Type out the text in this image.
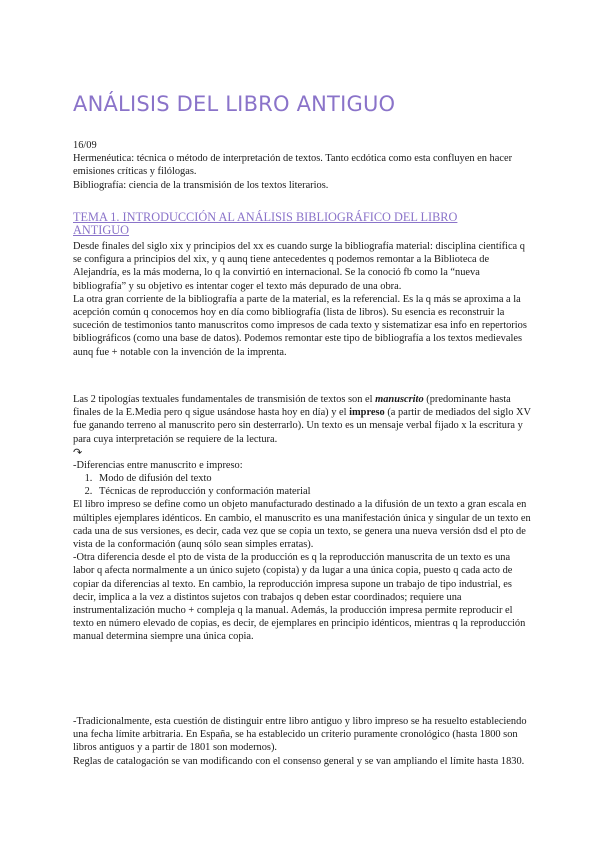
ANÁLISIS DEL LIBRO ANTIGUO

16/09

Hermenéutica: técnica o método de interpretación de textos. Tanto ecdótica como esta confluyen en hacer emisiones críticas y filólogas.

Bibliografía: ciencia de la transmisión de los textos literarios.

TEMA 1. INTRODUCCIÓN AL ANÁLISIS BIBLIOGRÁFICO DEL LIBRO ANTIGUO

Desde finales del siglo xix y principios del xx es cuando surge la bibliografía material: disciplina científica q se configura a principios del xix, y q aunq tiene antecedentes q podemos remontar a la Biblioteca de Alejandría, es la más moderna, lo q la convirtió en internacional. Se la conoció fb como la “nueva bibliografía” y su objetivo es intentar coger el texto más depurado de una obra.

La otra gran corriente de la bibliografía a parte de la material, es la referencial. Es la q más se aproxima a la acepción común q conocemos hoy en día como bibliografía (lista de libros). Su esencia es reconstruir la suceción de testimonios tanto manuscritos como impresos de cada texto y sistematizar esa info en repertorios bibliográficos (como una base de datos). Podemos remontar este tipo de bibliografía a los textos medievales aunq fue + notable con la invención de la imprenta.

Las 2 tipologías textuales fundamentales de transmisión de textos son el manuscrito (predominante hasta finales de la E.Media pero q sigue usándose hasta hoy en día) y el impreso (a partir de mediados del siglo XV fue ganando terreno al manuscrito pero sin desterrarlo). Un texto es un mensaje verbal fijado x la escritura y para cuya interpretación se requiere de la lectura.

↷

-Diferencias entre manuscrito e impreso:

1. Modo de difusión del texto
2. Técnicas de reproducción y conformación material

El libro impreso se define como un objeto manufacturado destinado a la difusión de un texto a gran escala en múltiples ejemplares idénticos. En cambio, el manuscrito es una manifestación única y singular de un texto en cada una de sus versiones, es decir, cada vez que se copia un texto, se genera una nueva versión dsd el pto de vista de la conformación (aunq sólo sean simples erratas).

-Otra diferencia desde el pto de vista de la producción es q la reproducción manuscrita de un texto es una labor q afecta normalmente a un único sujeto (copista) y da lugar a una única copia, puesto q cada acto de copiar da diferencias al texto. En cambio, la reproducción impresa supone un trabajo de tipo industrial, es decir, implica a la vez a distintos sujetos con trabajos q deben estar coordinados; requiere una instrumentalización mucho + compleja q la manual. Además, la producción impresa permite reproducir el texto en número elevado de copias, es decir, de ejemplares en principio idénticos, mientras q la reproducción manual determina siempre una única copia.

-Tradicionalmente, esta cuestión de distinguir entre libro antiguo y libro impreso se ha resuelto estableciendo una fecha límite arbitraria. En España, se ha establecido un criterio puramente cronológico (hasta 1800 son libros antiguos y a partir de 1801 son modernos).

Reglas de catalogación se van modificando con el consenso general y se van ampliando el límite hasta 1830.
